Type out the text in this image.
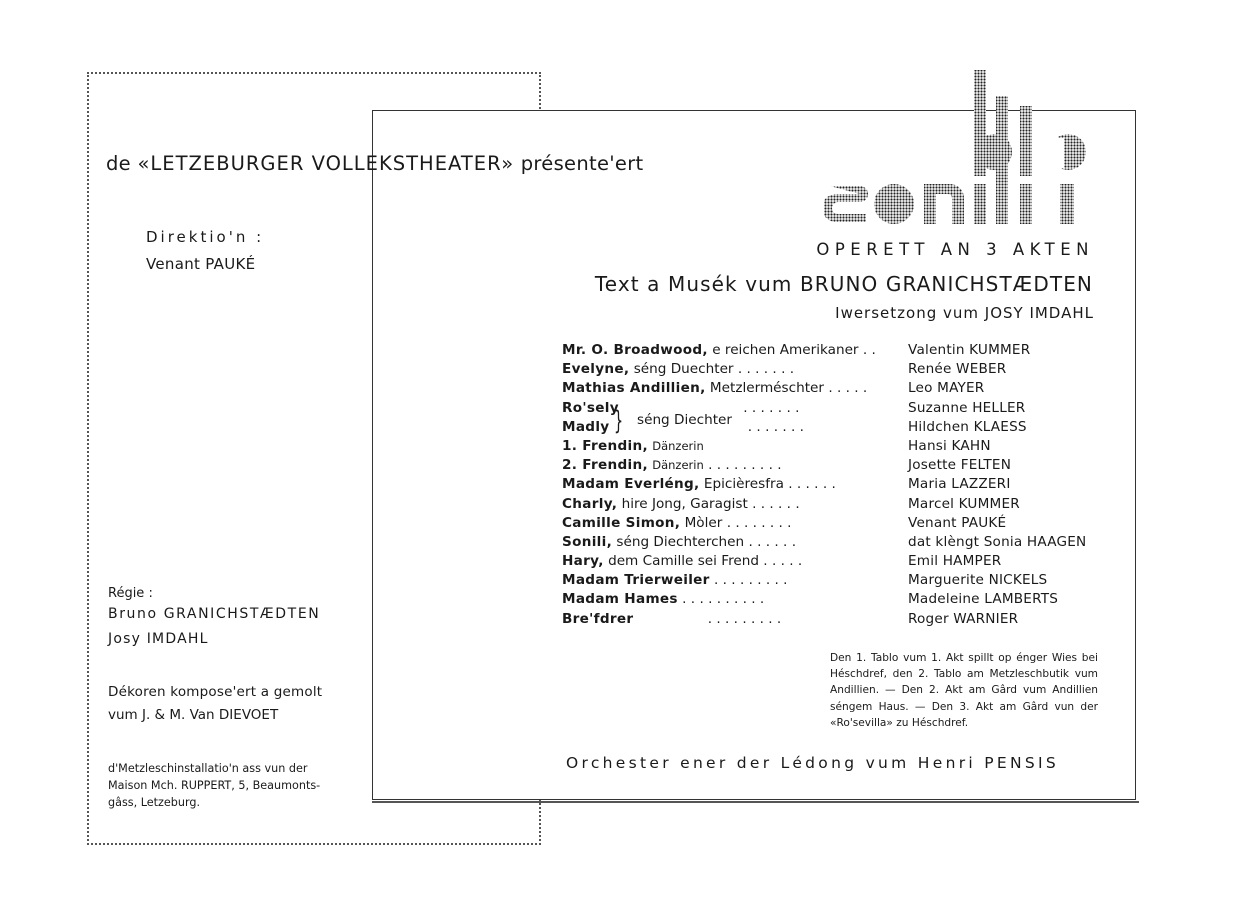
de «LETZEBURGER VOLLEKSTHEATER» présente'ert
Direktio'n :
Venant PAUKÉ
Régie :
Bruno GRANICHSTÆDTEN
Josy IMDAHL
Dékoren kompose'ert a gemolt
vum J. & M. Van DIEVOET
d'Metzleschinstallatio'n ass vun der Maison Mch. RUPPERT, 5, Beaumonts-gâss, Letzeburg.
OPERETT AN 3 AKTEN
Text a Musék vum BRUNO GRANICHSTÆDTEN
Iwersetzong vum JOSY IMDAHL
Mr. O. Broadwood, e reichen Amerikaner . . Valentin KUMMER
Evelyne, séng Duechter . . . . . . .	Renée WEBER
Mathias Andillien, Metzlerméschter . . . . .	Leo MAYER
Ro'sely	. . . . . . .	Suzanne HELLER
Madly	. . . . . . .	Hildchen KLAESS
1. Frendin, Dänzerin	Hansi KAHN
2. Frendin, Dänzerin . . . . . . . . .	Josette FELTEN
Madam Everléng, Epicièresfra . . . . . .	Maria LAZZERI
Charly, hire Jong, Garagist . . . . . .	Marcel KUMMER
Camille Simon, Mòler . . . . . . . .	Venant PAUKÉ
Sonili, séng Diechterchen . . . . . .	dat klèngt Sonia HAAGEN
Hary, dem Camille sei Frend . . . . .	Emil HAMPER
Madam Trierweiler . . . . . . . . .	Marguerite NICKELS
Madam Hames . . . . . . . . . .	Madeleine LAMBERTS
Bre'fdrer	. . . . . . . . .	Roger WARNIER
} séng Diechter
Den 1. Tablo vum 1. Akt spillt op énger Wies bei Héschdref, den 2. Tablo am Metzleschbutik vum Andillien. — Den 2. Akt am Gârd vum Andillien séngem Haus. — Den 3. Akt am Gârd vun der «Ro'sevilla» zu Héschdref.
Orchester ener der Lédong vum Henri PENSIS
